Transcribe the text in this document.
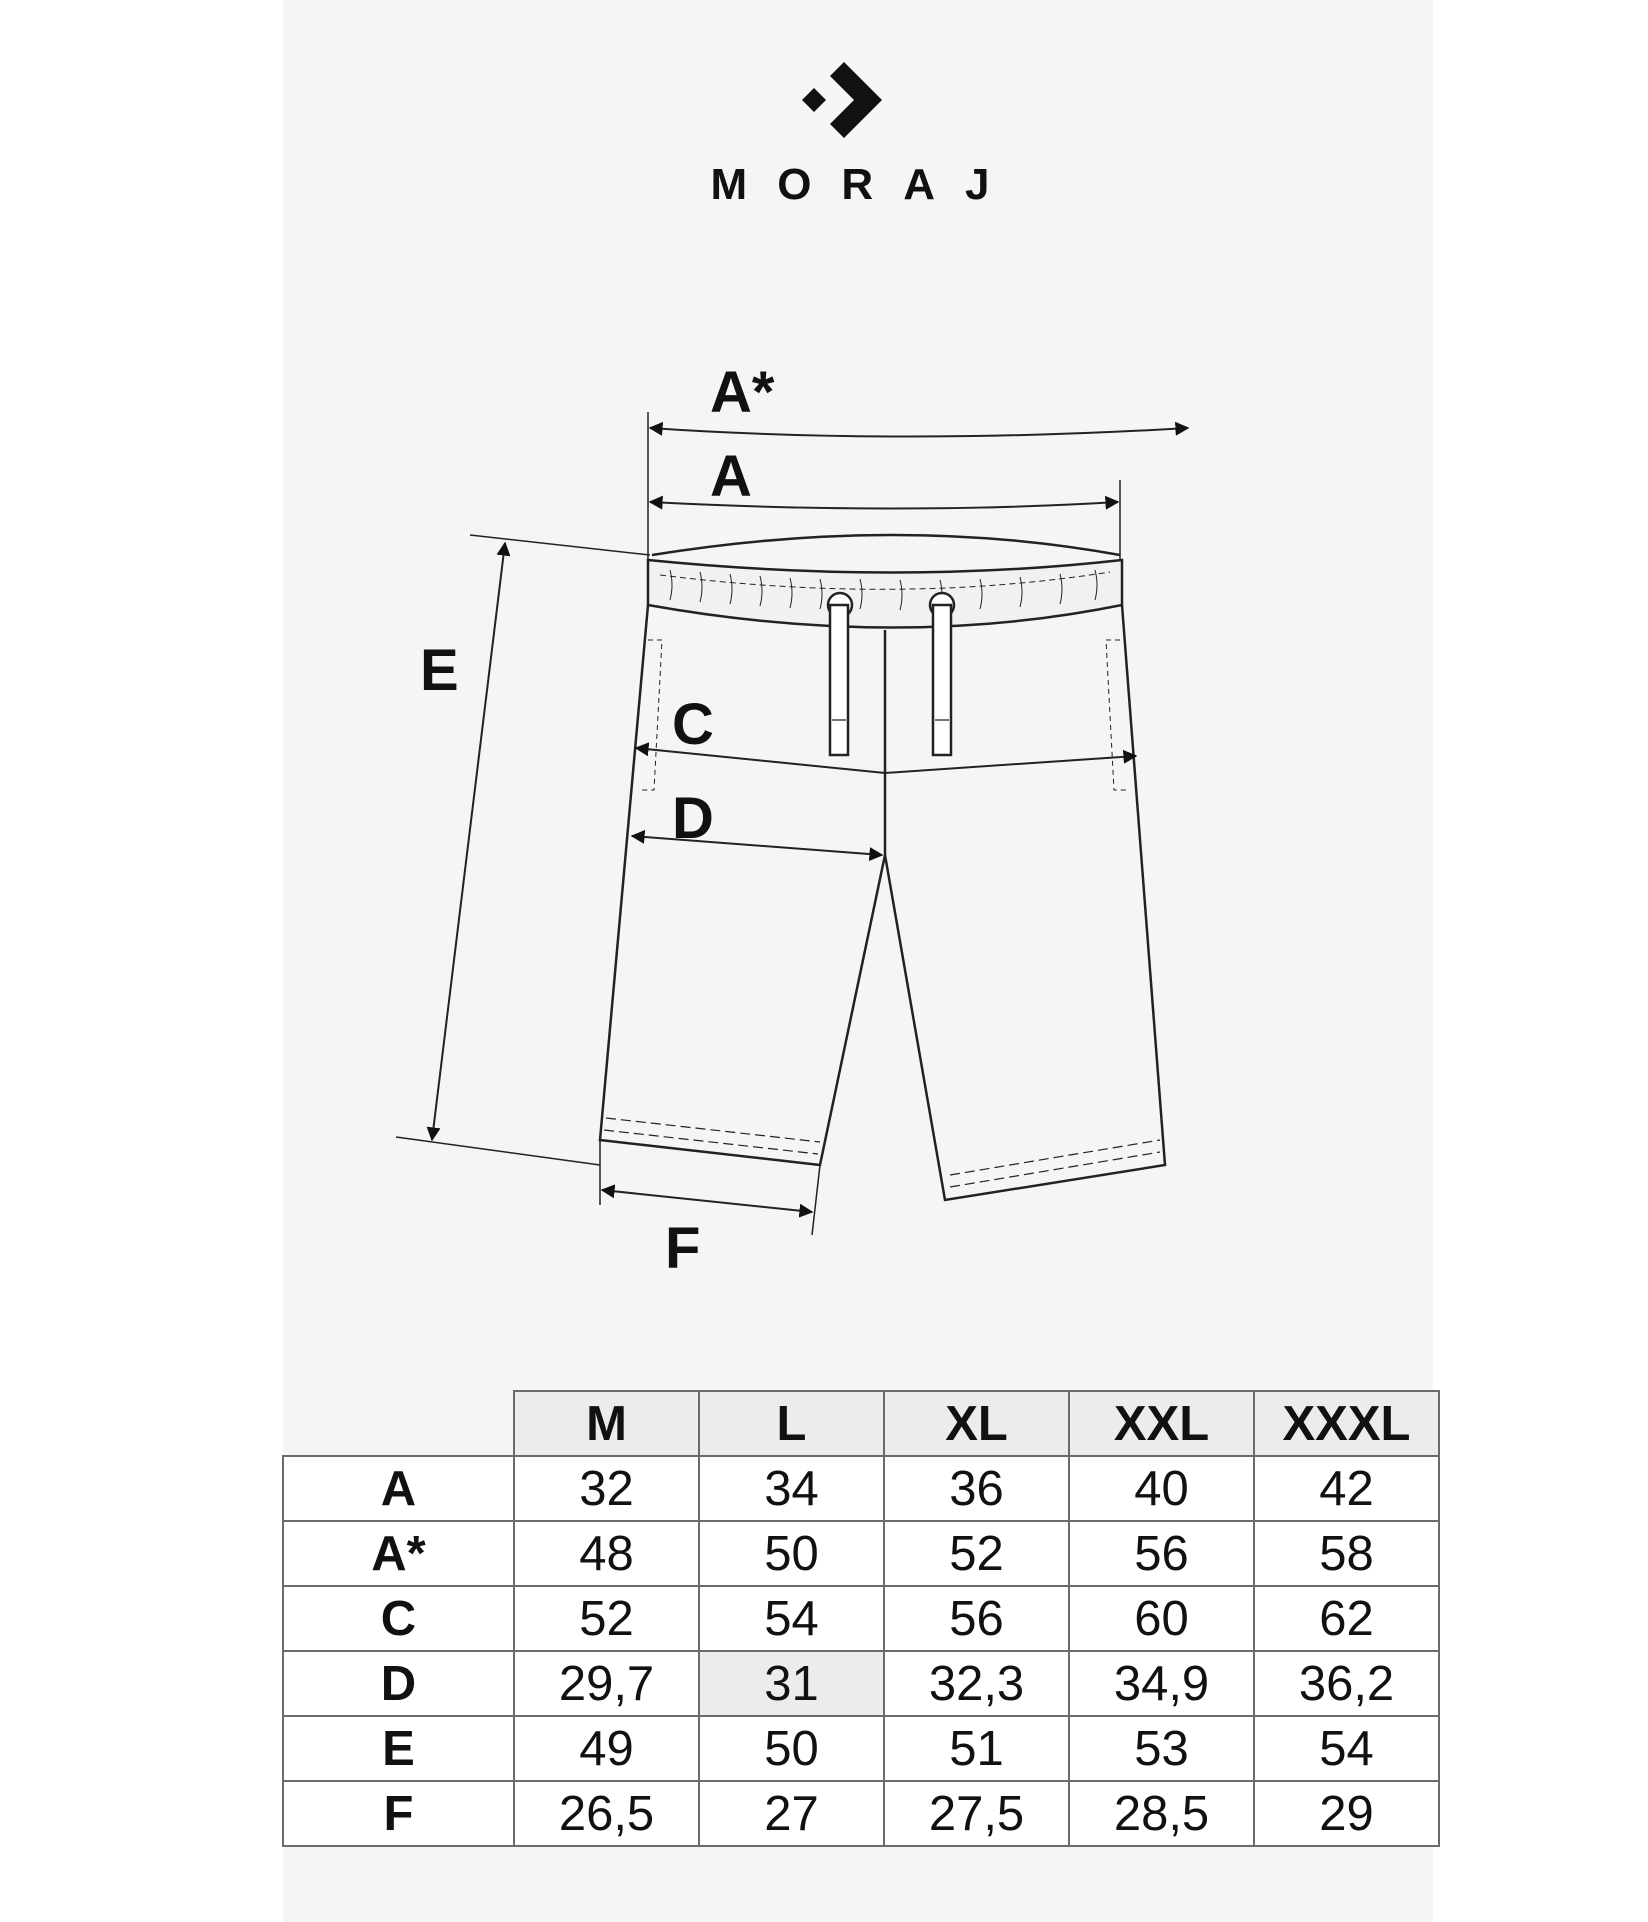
MORAJ
A*
A
E
C
D
F
	M	L	XL	XXL	XXXL
A	32	34	36	40	42
A*	48	50	52	56	58
C	52	54	56	60	62
D	29,7	31	32,3	34,9	36,2
E	49	50	51	53	54
F	26,5	27	27,5	28,5	29
